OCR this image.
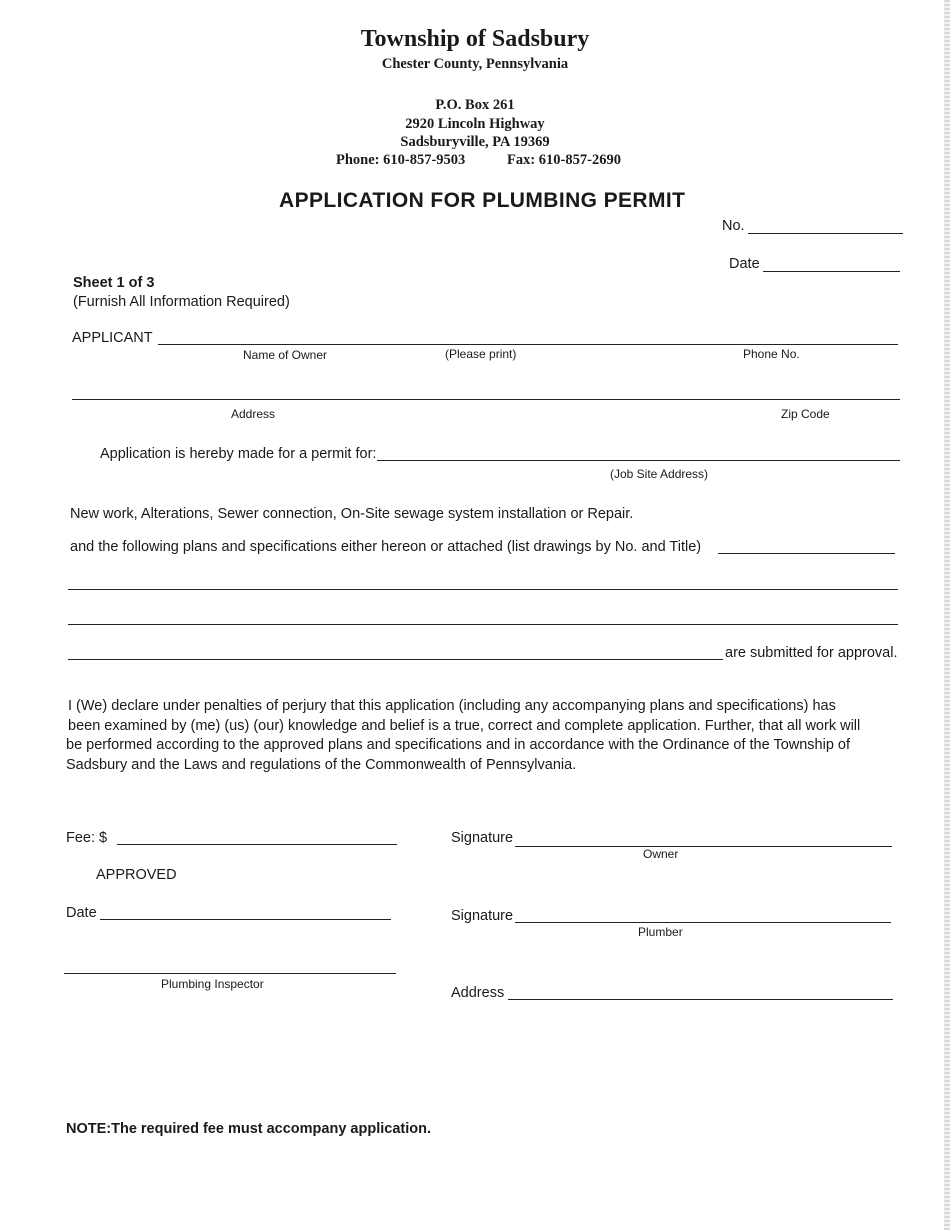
Township of Sadsbury
Chester County, Pennsylvania
P.O. Box 261
2920 Lincoln Highway
Sadsburyville, PA 19369
Phone: 610-857-9503	Fax: 610-857-2690
APPLICATION FOR PLUMBING PERMIT
No.
Date
Sheet 1 of 3
(Furnish All Information Required)
APPLICANT
Name of Owner	(Please print)	Phone No.
Address	Zip Code
Application is hereby made for a permit for:
(Job Site Address)
New work, Alterations, Sewer connection, On-Site sewage system installation or Repair.
and the following plans and specifications either hereon or attached (list drawings by No. and Title)
are submitted for approval.
I (We) declare under penalties of perjury that this application (including any accompanying plans and specifications) has
been examined by (me) (us) (our) knowledge and belief is a true, correct and complete application. Further, that all work will
be performed according to the approved plans and specifications and in accordance with the Ordinance of the Township of
Sadsbury and the Laws and regulations of the Commonwealth of Pennsylvania.
Fee: $
APPROVED
Date
Plumbing Inspector
Signature
Owner
Signature
Plumber
Address
NOTE:The required fee must accompany application.
